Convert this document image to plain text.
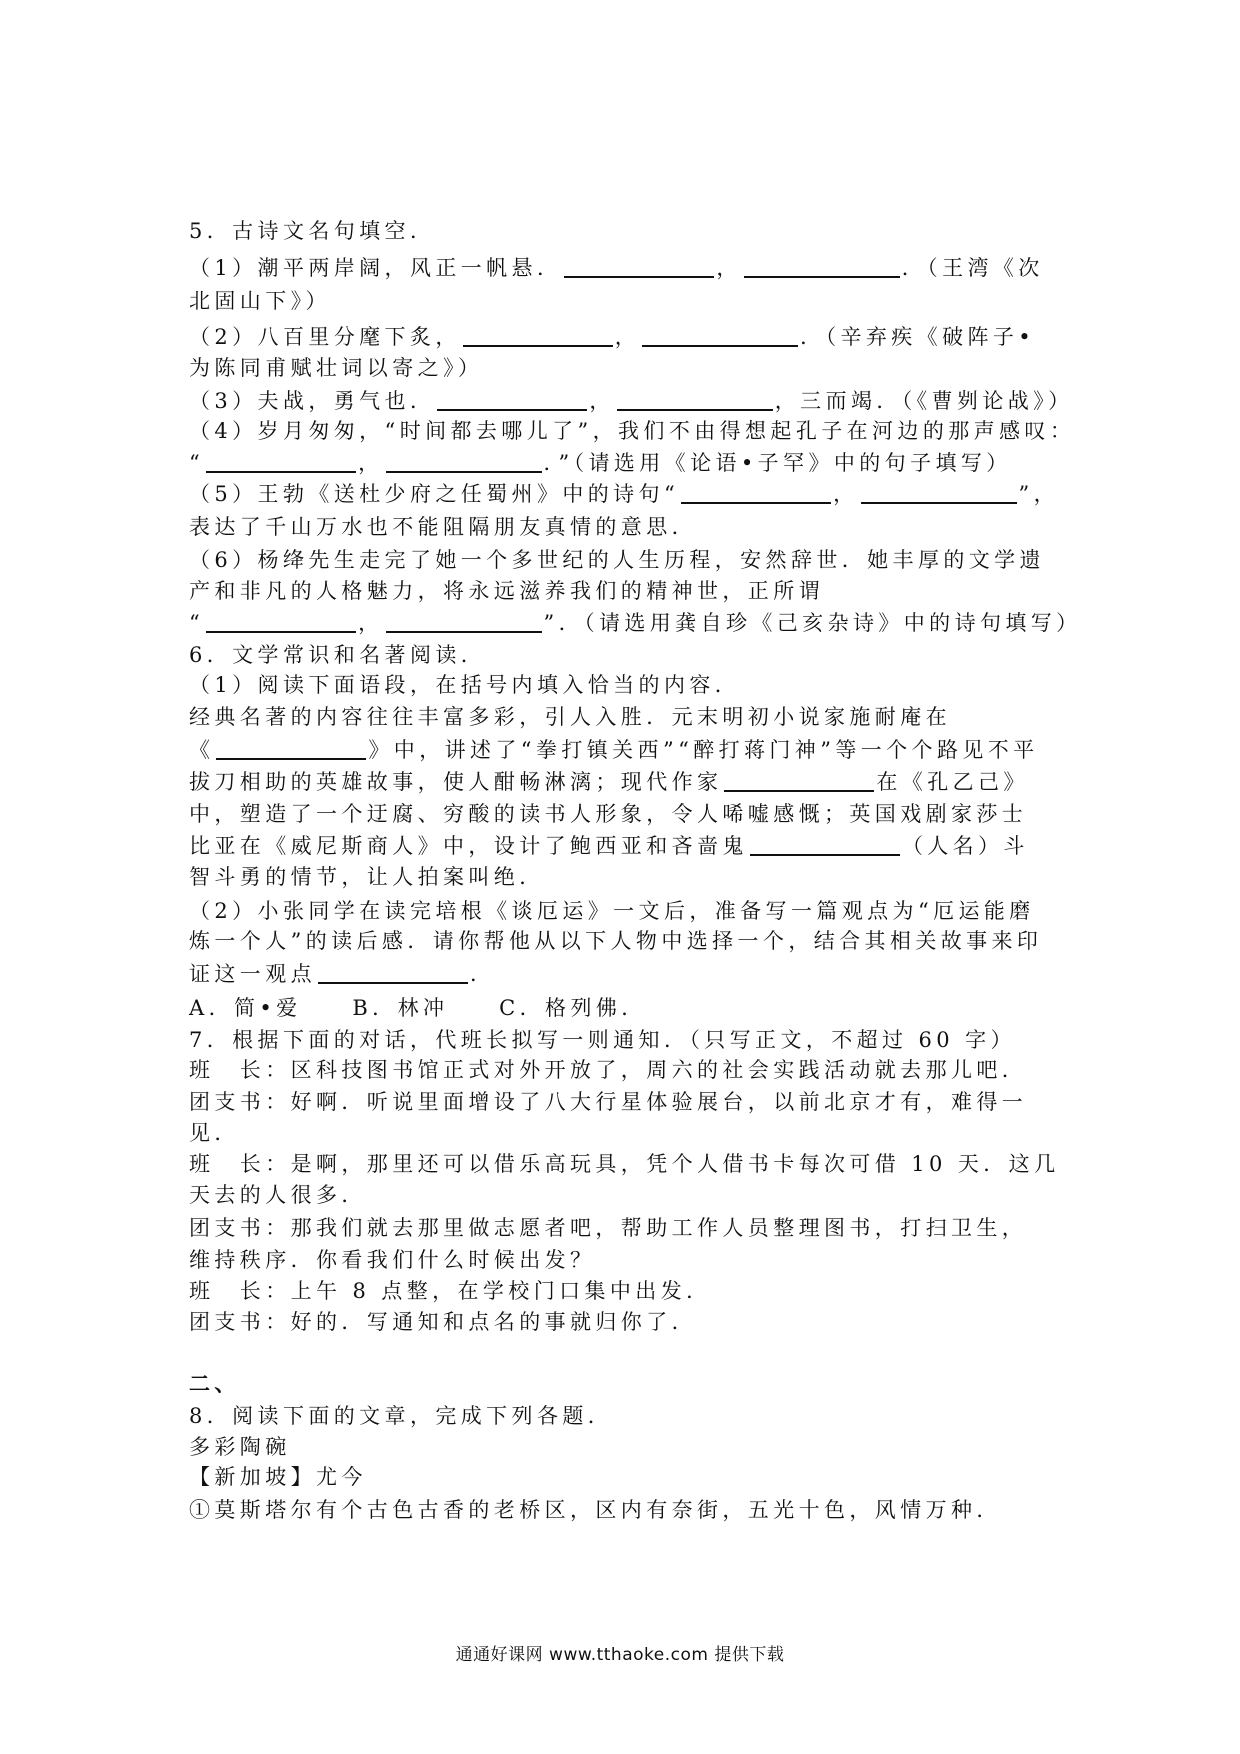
5．古诗文名句填空．
（1）潮平两岸阔，风正一帆悬．	，	．（王湾《次
北固山下》）
（2）八百里分麾下炙，	，	．（辛弃疾《破阵子•
为陈同甫赋壮词以寄之》）
（3）夫战，勇气也．	，	，三而竭．（《曹刿论战》）
（4）岁月匆匆，“时间都去哪儿了”，我们不由得想起孔子在河边的那声感叹：
“	，	．”（请选用《论语•子罕》中的句子填写）
（5）王勃《送杜少府之任蜀州》中的诗句“	，	”，
表达了千山万水也不能阻隔朋友真情的意思．
（6）杨绛先生走完了她一个多世纪的人生历程，安然辞世．她丰厚的文学遗
产和非凡的人格魅力，将永远滋养我们的精神世，正所谓
“	，	”．（请选用龚自珍《己亥杂诗》中的诗句填写）
6．文学常识和名著阅读．
（1）阅读下面语段，在括号内填入恰当的内容．
经典名著的内容往往丰富多彩，引人入胜．元末明初小说家施耐庵在
《	》中，讲述了“拳打镇关西”“醉打蒋门神”等一个个路见不平
拔刀相助的英雄故事，使人酣畅淋漓；现代作家	在《孔乙己》
中，塑造了一个迂腐、穷酸的读书人形象，令人唏嘘感慨；英国戏剧家莎士
比亚在《威尼斯商人》中，设计了鲍西亚和吝啬鬼	（人名）斗
智斗勇的情节，让人拍案叫绝．
（2）小张同学在读完培根《谈厄运》一文后，准备写一篇观点为“厄运能磨
炼一个人”的读后感．请你帮他从以下人物中选择一个，结合其相关故事来印
证这一观点	．
A．简•爱　　B．林冲　　C．格列佛．
7．根据下面的对话，代班长拟写一则通知．（只写正文，不超过 60 字）
班　长：区科技图书馆正式对外开放了，周六的社会实践活动就去那儿吧．
团支书：好啊．听说里面增设了八大行星体验展台，以前北京才有，难得一
见．
班　长：是啊，那里还可以借乐高玩具，凭个人借书卡每次可借 10 天．这几
天去的人很多．
团支书：那我们就去那里做志愿者吧，帮助工作人员整理图书，打扫卫生，
维持秩序．你看我们什么时候出发？
班　长：上午 8 点整，在学校门口集中出发．
团支书：好的．写通知和点名的事就归你了．
二、
8．阅读下面的文章，完成下列各题．
多彩陶碗
【新加坡】尤今
①莫斯塔尔有个古色古香的老桥区，区内有奈街，五光十色，风情万种．
通通好课网 www.tthaoke.com 提供下载
